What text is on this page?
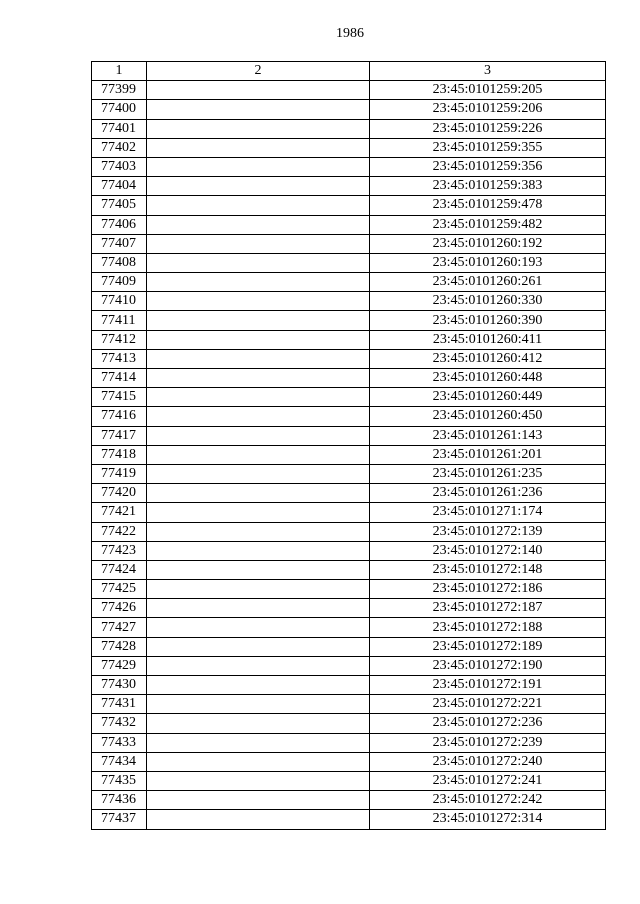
1986
1	2	3
77399		23:45:0101259:205
77400		23:45:0101259:206
77401		23:45:0101259:226
77402		23:45:0101259:355
77403		23:45:0101259:356
77404		23:45:0101259:383
77405		23:45:0101259:478
77406		23:45:0101259:482
77407		23:45:0101260:192
77408		23:45:0101260:193
77409		23:45:0101260:261
77410		23:45:0101260:330
77411		23:45:0101260:390
77412		23:45:0101260:411
77413		23:45:0101260:412
77414		23:45:0101260:448
77415		23:45:0101260:449
77416		23:45:0101260:450
77417		23:45:0101261:143
77418		23:45:0101261:201
77419		23:45:0101261:235
77420		23:45:0101261:236
77421		23:45:0101271:174
77422		23:45:0101272:139
77423		23:45:0101272:140
77424		23:45:0101272:148
77425		23:45:0101272:186
77426		23:45:0101272:187
77427		23:45:0101272:188
77428		23:45:0101272:189
77429		23:45:0101272:190
77430		23:45:0101272:191
77431		23:45:0101272:221
77432		23:45:0101272:236
77433		23:45:0101272:239
77434		23:45:0101272:240
77435		23:45:0101272:241
77436		23:45:0101272:242
77437		23:45:0101272:314
